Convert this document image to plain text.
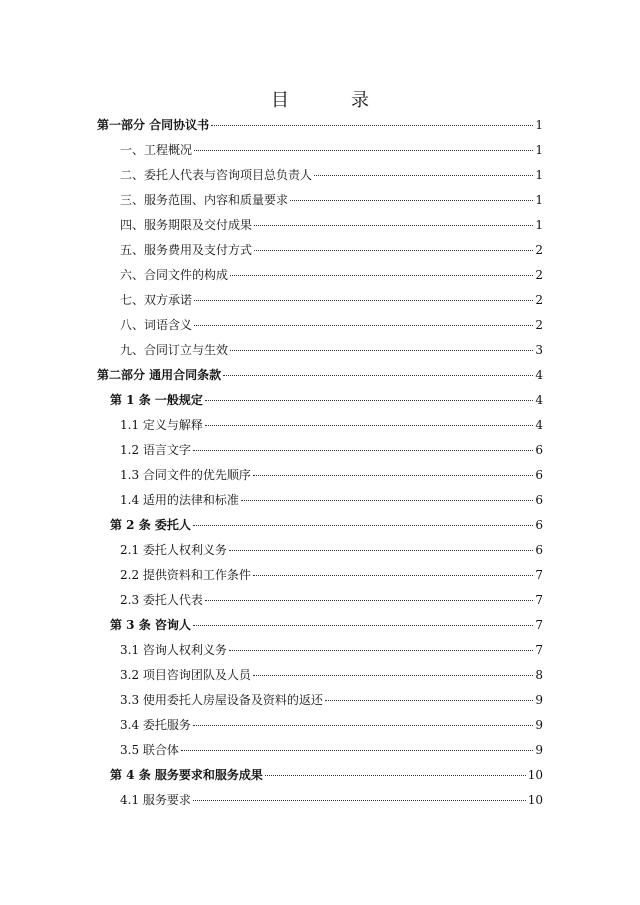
目　录
第一部分 合同协议书	1
一、工程概况	1
二、委托人代表与咨询项目总负责人	1
三、服务范围、内容和质量要求	1
四、服务期限及交付成果	1
五、服务费用及支付方式	2
六、合同文件的构成	2
七、双方承诺	2
八、词语含义	2
九、合同订立与生效	3
第二部分 通用合同条款	4
第 1 条 一般规定	4
1.1 定义与解释	4
1.2 语言文字	6
1.3 合同文件的优先顺序	6
1.4 适用的法律和标准	6
第 2 条 委托人	6
2.1 委托人权利义务	6
2.2 提供资料和工作条件	7
2.3 委托人代表	7
第 3 条 咨询人	7
3.1 咨询人权利义务	7
3.2 项目咨询团队及人员	8
3.3 使用委托人房屋设备及资料的返还	9
3.4 委托服务	9
3.5 联合体	9
第 4 条 服务要求和服务成果	10
4.1 服务要求	10
